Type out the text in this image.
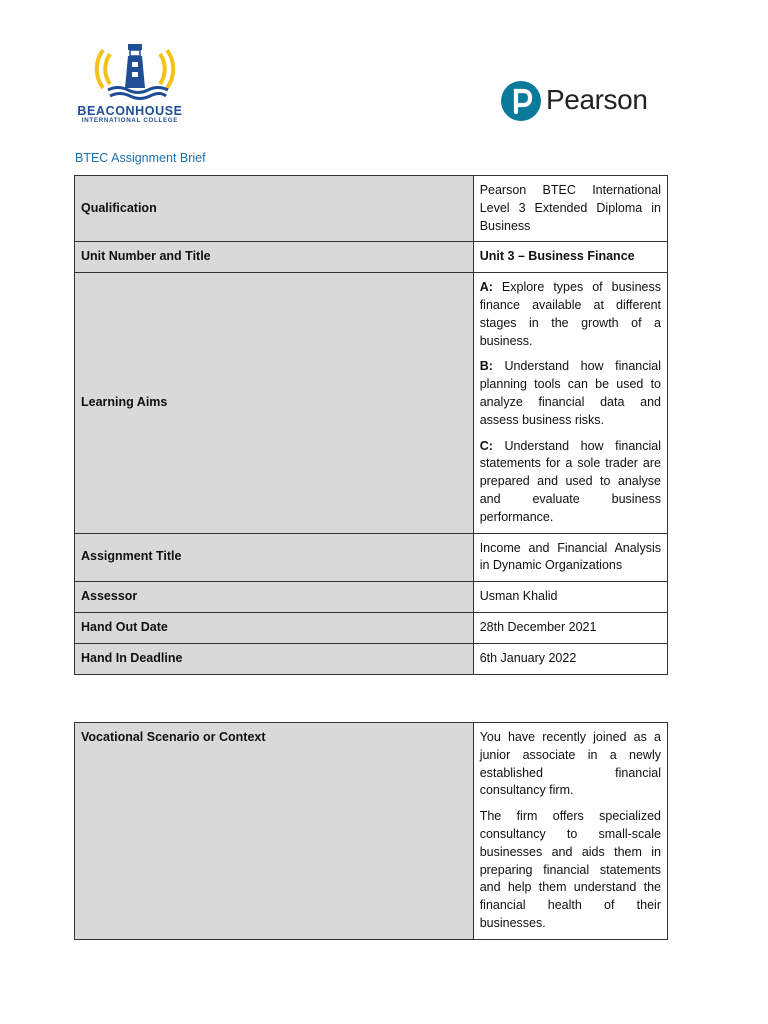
BEACONHOUSE
INTERNATIONAL COLLEGE
Pearson
BTEC Assignment Brief
Qualification	Pearson BTEC International Level 3 Extended Diploma in Business
Unit Number and Title	Unit 3 – Business Finance
Learning Aims	A: Explore types of business finance available at different stages in the growth of a business.

B: Understand how financial planning tools can be used to analyze financial data and assess business risks.

C: Understand how financial statements for a sole trader are prepared and used to analyse and evaluate business performance.

Assignment Title	Income and Financial Analysis in Dynamic Organizations
Assessor	Usman Khalid
Hand Out Date	28th December 2021
Hand In Deadline	6th January 2022
Vocational Scenario or Context	You have recently joined as a junior associate in a newly established financial consultancy firm.

The firm offers specialized consultancy to small-scale businesses and aids them in preparing financial statements and help them understand the financial health of their businesses.
